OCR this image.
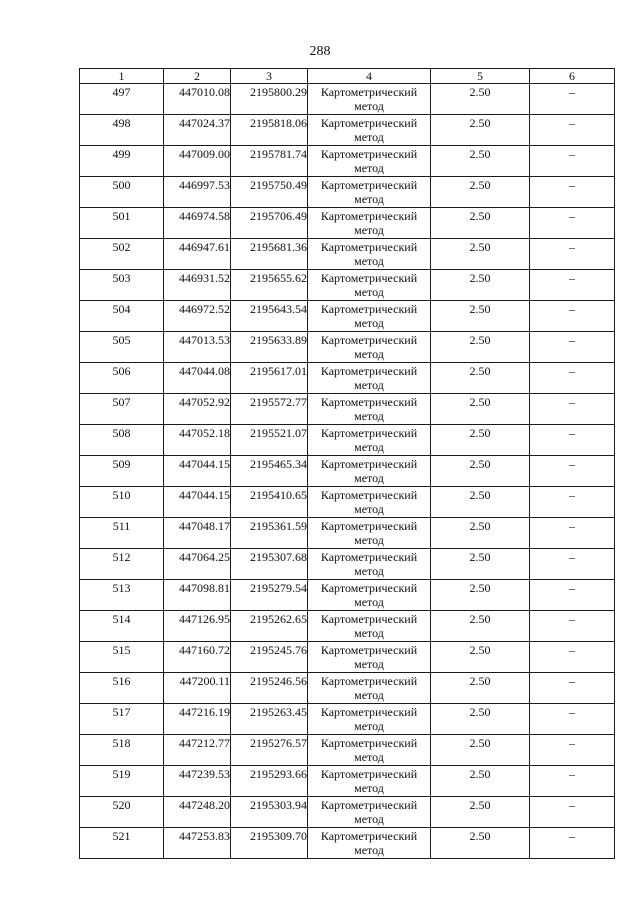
288
1	2	3	4	5	6
497	447010.08	2195800.29	Картометрический метод	2.50	–
498	447024.37	2195818.06	Картометрический метод	2.50	–
499	447009.00	2195781.74	Картометрический метод	2.50	–
500	446997.53	2195750.49	Картометрический метод	2.50	–
501	446974.58	2195706.49	Картометрический метод	2.50	–
502	446947.61	2195681.36	Картометрический метод	2.50	–
503	446931.52	2195655.62	Картометрический метод	2.50	–
504	446972.52	2195643.54	Картометрический метод	2.50	–
505	447013.53	2195633.89	Картометрический метод	2.50	–
506	447044.08	2195617.01	Картометрический метод	2.50	–
507	447052.92	2195572.77	Картометрический метод	2.50	–
508	447052.18	2195521.07	Картометрический метод	2.50	–
509	447044.15	2195465.34	Картометрический метод	2.50	–
510	447044.15	2195410.65	Картометрический метод	2.50	–
511	447048.17	2195361.59	Картометрический метод	2.50	–
512	447064.25	2195307.68	Картометрический метод	2.50	–
513	447098.81	2195279.54	Картометрический метод	2.50	–
514	447126.95	2195262.65	Картометрический метод	2.50	–
515	447160.72	2195245.76	Картометрический метод	2.50	–
516	447200.11	2195246.56	Картометрический метод	2.50	–
517	447216.19	2195263.45	Картометрический метод	2.50	–
518	447212.77	2195276.57	Картометрический метод	2.50	–
519	447239.53	2195293.66	Картометрический метод	2.50	–
520	447248.20	2195303.94	Картометрический метод	2.50	–
521	447253.83	2195309.70	Картометрический метод	2.50	–
